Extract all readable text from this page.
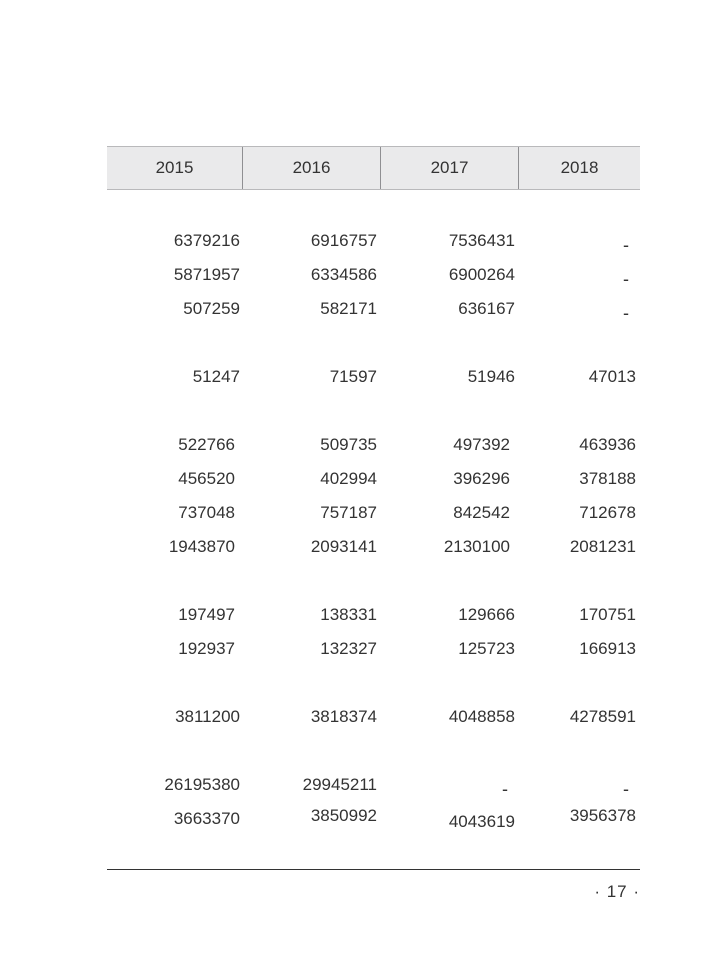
2015	2016	2017	2018
6379216	6916757	7536431	-
5871957	6334586	6900264	-
507259	582171	636167	-
51247	71597	51946	47013
522766	509735	497392	463936
456520	402994	396296	378188
737048	757187	842542	712678
1943870	2093141	2130100	2081231
197497	138331	129666	170751
192937	132327	125723	166913
3811200	3818374	4048858	4278591
26195380	29945211	-	-
3663370	3850992	4043619	3956378
· 17 ·
